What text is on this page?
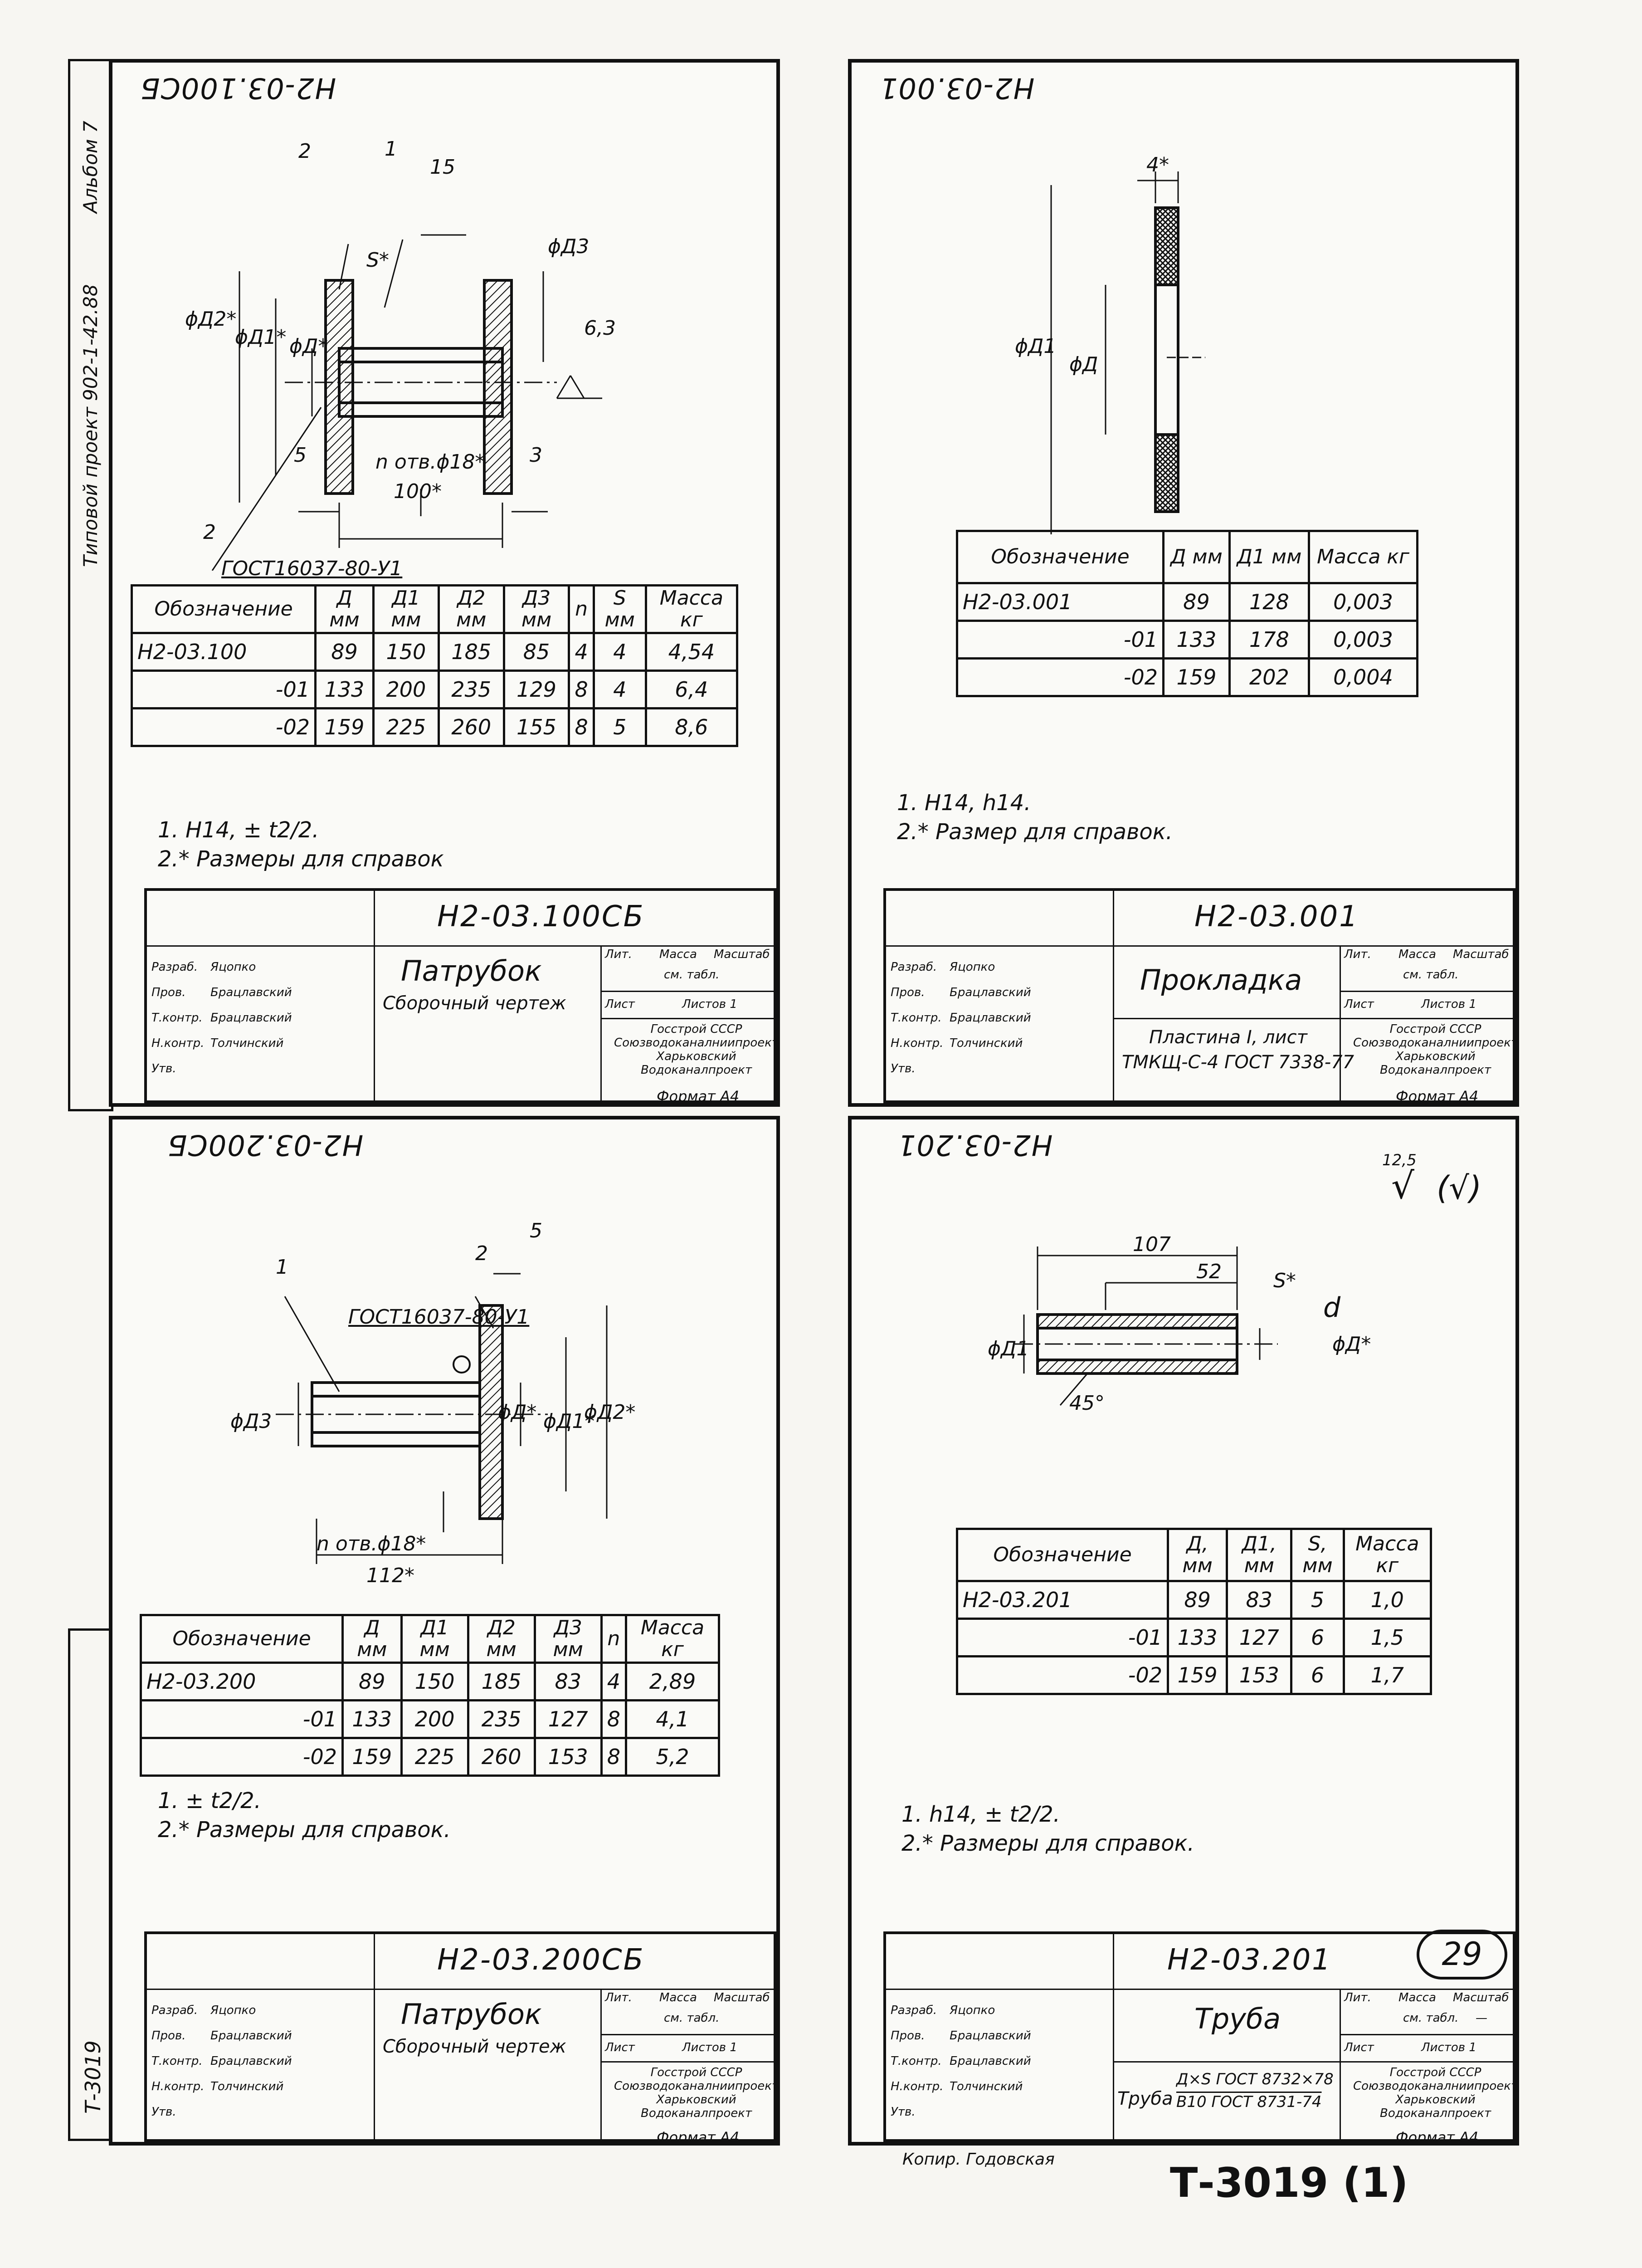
Типовой проект 902-1-42.88
Альбом 7
Т-3019
Н2-03.100СБ
2	1
15
S*
ϕД3
ϕД2*
ϕД1* ϕД*
6,3
5	n отв.ϕ18* 3
100*
2
ГОСТ16037-80-У1
Обозначение	Д мм	Д1 мм	Д2 мм	Д3 мм	n	S мм	Масса кг
Н2-03.100	89	150	185	85	4	4	4,54
-01	133	200	235	129	8	4	6,4
-02	159	225	260	155	8	5	8,6
1. Н14, ± t2/2.
2.* Размеры для справок
Н2-03.100СБ
Патрубок
Сборочный чертеж
Лит. Масса Масштаб
см. табл.
Лист	Листов 1
Госстрой СССР
Союзводоканалниипроект
Харьковский
Водоканалпроект
Разраб.
Пров.
Т.контр.
Н.контр.
Утв.
Яцопко
Брацлавский
Брацлавский
Толчинский
Формат А4
Н2-03.001
4*
ϕД1
ϕД
Обозначение	Д мм	Д1 мм	Масса кг
Н2-03.001	89	128	0,003
-01	133	178	0,003
-02	159	202	0,004
1. Н14, h14.
2.* Размер для справок.
Н2-03.001
Прокладка
Пластина I, лист
ТМКЩ-С-4 ГОСТ 7338-77
Лит. Масса Масштаб
см. табл.
Лист	Листов 1
Госстрой СССР
Союзводоканалниипроект
Харьковский
Водоканалпроект
Разраб.
Пров.
Т.контр.
Н.контр.
Утв.
Яцопко
Брацлавский
Брацлавский
Толчинский
Формат А4
Н2-03.200СБ
1
2
5
ГОСТ16037-80-У1
ϕД3	ϕД* ϕД1*
ϕД2*
n отв.ϕ18*
112*
Обозначение	Д мм	Д1 мм	Д2 мм	Д3 мм	n	Масса кг
Н2-03.200	89	150	185	83	4	2,89
-01	133	200	235	127	8	4,1
-02	159	225	260	153	8	5,2
1. ± t2/2.
2.* Размеры для справок.
Н2-03.200СБ
Патрубок
Сборочный чертеж
Лит. Масса Масштаб
см. табл.
Лист	Листов 1
Госстрой СССР
Союзводоканалниипроект
Харьковский
Водоканалпроект
Разраб.
Пров.
Т.контр.
Н.контр.
Утв.
Яцопко
Брацлавский
Брацлавский
Толчинский
Формат А4
Н2-03.201	12,5
√ (√)
107
52	S*
d
ϕД1	ϕД*
45°
Обозначение	Д, мм	Д1, мм	S, мм	Масса кг
Н2-03.201	89	83	5	1,0
-01	133	127	6	1,5
-02	159	153	6	1,7
1. h14, ± t2/2.
2.* Размеры для справок.
Н2-03.201	29
Труба
Труба
Д×S ГОСТ 8732×78
В10 ГОСТ 8731-74
Лит. Масса Масштаб
см. табл. —
Лист	Листов 1
Госстрой СССР
Союзводоканалниипроект
Харьковский
Водоканалпроект
Разраб.
Пров.
Т.контр.
Н.контр.
Утв.
Яцопко
Брацлавский
Брацлавский
Толчинский
Формат А4
Копир. Годовская	Т-3019 (1)
